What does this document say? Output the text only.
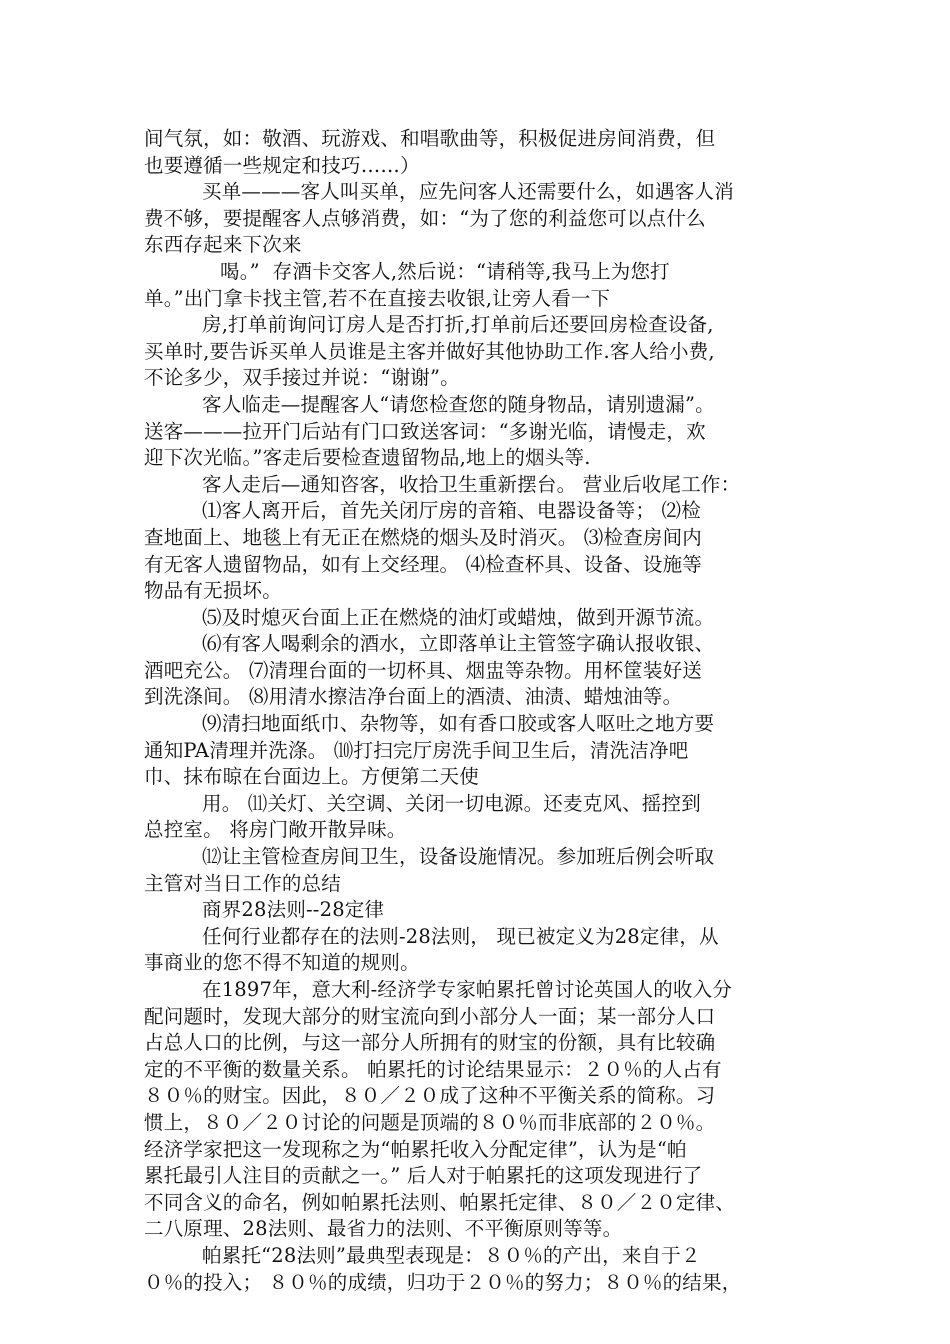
间气氛，如：敬酒、玩游戏、和唱歌曲等，积极促进房间消费，但
也要遵循一些规定和技巧……）
买单———客人叫买单，应先问客人还需要什么，如遇客人消
费不够，要提醒客人点够消费，如：“为了您的利益您可以点什么
东西存起来下次来
喝。”  存酒卡交客人,然后说：“请稍等,我马上为您打
单。”出门拿卡找主管,若不在直接去收银,让旁人看一下
房,打单前询问订房人是否打折,打单前后还要回房检查设备,
买单时,要告诉买单人员谁是主客并做好其他协助工作.客人给小费,
不论多少，双手接过并说：“谢谢”。
客人临走—提醒客人“请您检查您的随身物品，请别遗漏”。
送客———拉开门后站有门口致送客词：“多谢光临，请慢走，欢
迎下次光临。”客走后要检查遗留物品,地上的烟头等.
客人走后—通知咨客，收拾卫生重新摆台。 营业后收尾工作：
⑴客人离开后，首先关闭厅房的音箱、电器设备等； ⑵检
查地面上、地毯上有无正在燃烧的烟头及时消灭。 ⑶检查房间内
有无客人遗留物品，如有上交经理。 ⑷检查杯具、设备、设施等
物品有无损坏。
⑸及时熄灭台面上正在燃烧的油灯或蜡烛，做到开源节流。
⑹有客人喝剩余的酒水，立即落单让主管签字确认报收银、
酒吧充公。 ⑺清理台面的一切杯具、烟盅等杂物。用杯筐装好送
到洗涤间。 ⑻用清水擦洁净台面上的酒渍、油渍、蜡烛油等。
⑼清扫地面纸巾、杂物等，如有香口胶或客人呕吐之地方要
通知PA清理并洗涤。 ⑽打扫完厅房洗手间卫生后，清洗洁净吧
巾、抹布晾在台面边上。方便第二天使
用。 ⑾关灯、关空调、关闭一切电源。还麦克风、摇控到
总控室。 将房门敞开散异味。
⑿让主管检查房间卫生，设备设施情况。参加班后例会听取
主管对当日工作的总结
商界28法则--28定律
任何行业都存在的法则-28法则， 现已被定义为28定律，从
事商业的您不得不知道的规则。
在1897年，意大利-经济学专家帕累托曾讨论英国人的收入分
配问题时，发现大部分的财宝流向到小部分人一面；某一部分人口
占总人口的比例，与这一部分人所拥有的财宝的份额，具有比较确
定的不平衡的数量关系。 帕累托的讨论结果显示：２０％的人占有
８０％的财宝。因此，８０／２０成了这种不平衡关系的简称。习
惯上，８０／２０讨论的问题是顶端的８０％而非底部的２０％。
经济学家把这一发现称之为“帕累托收入分配定律”，认为是“帕
累托最引人注目的贡献之一。” 后人对于帕累托的这项发现进行了
不同含义的命名，例如帕累托法则、帕累托定律、８０／２０定律、
二八原理、28法则、最省力的法则、不平衡原则等等。
帕累托“28法则”最典型表现是：８０％的产出，来自于２
０％的投入； ８０％的成绩，归功于２０％的努力；８０％的结果，
